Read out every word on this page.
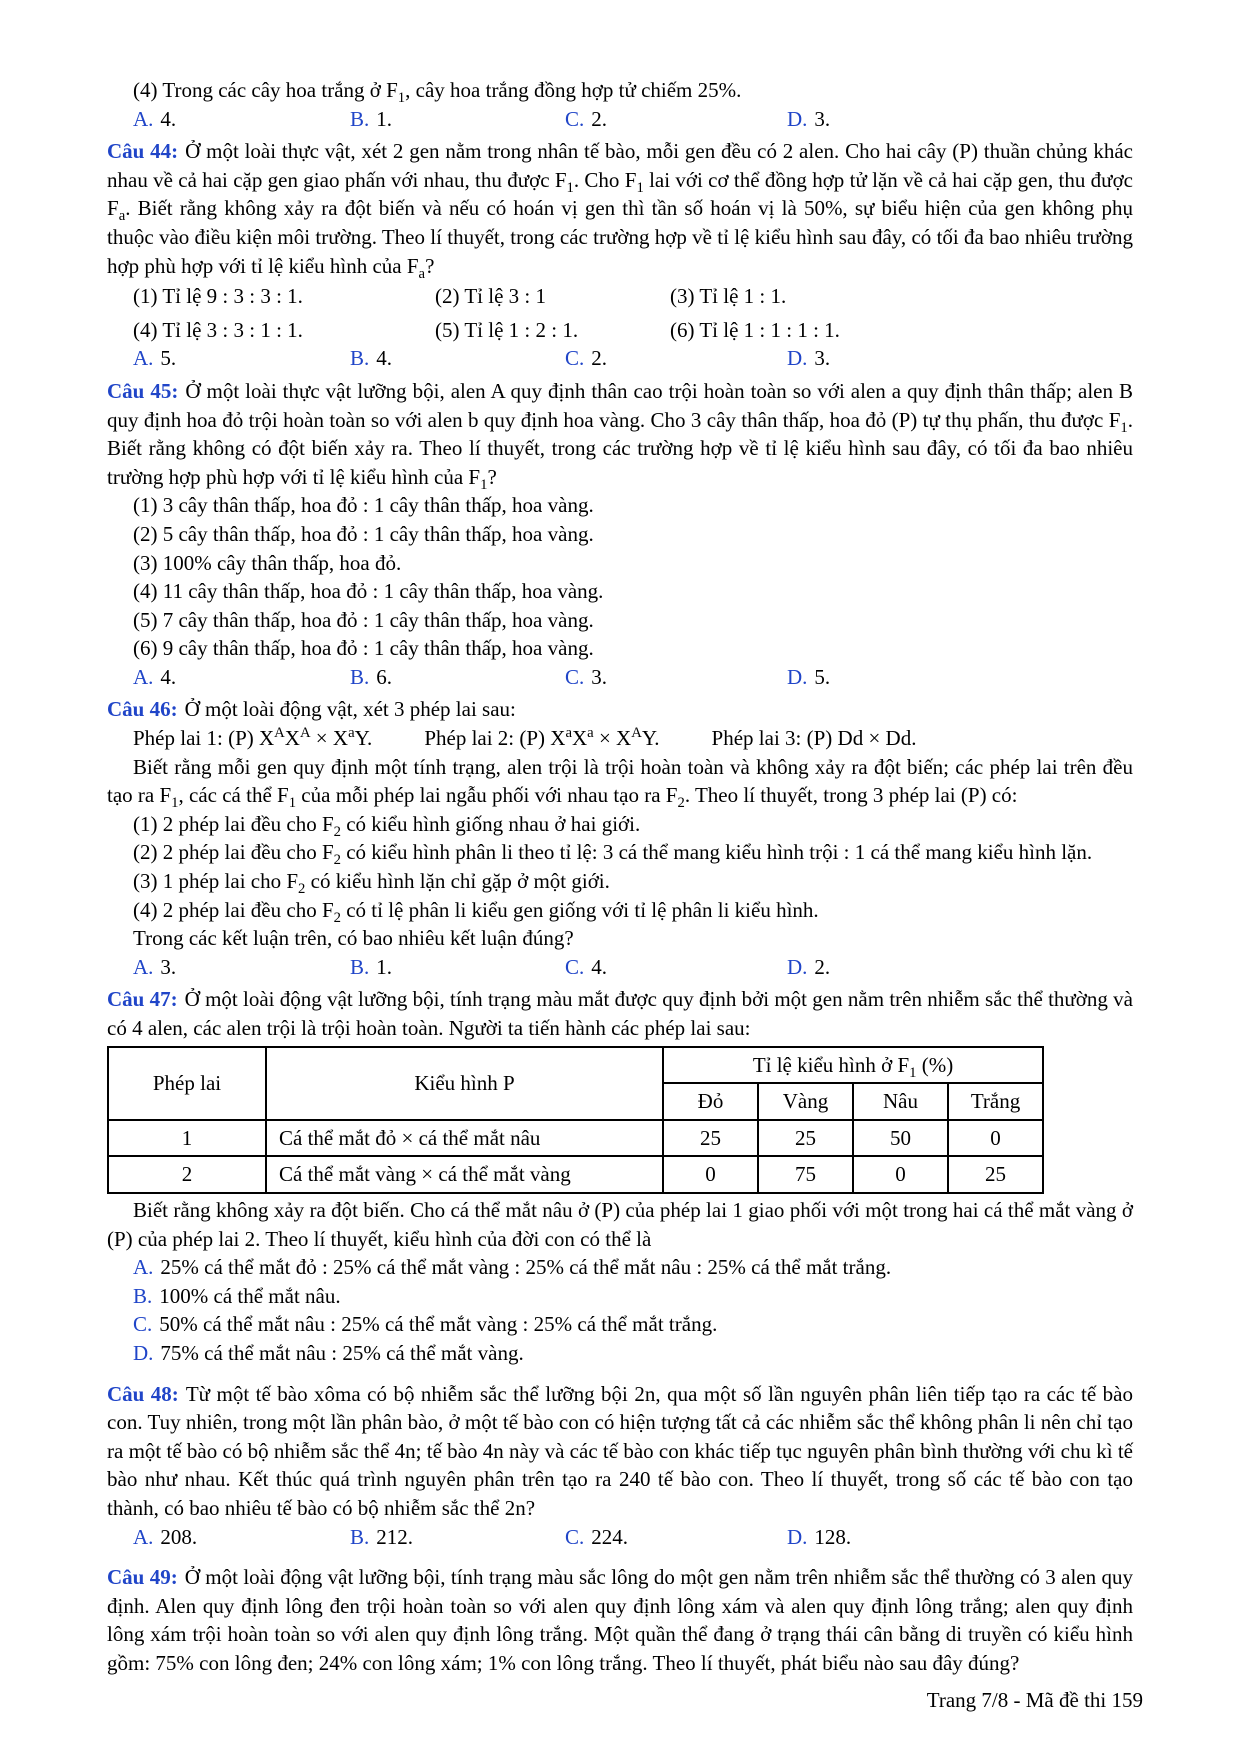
(4) Trong các cây hoa trắng ở $F_1$, cây hoa trắng đồng hợp tử chiếm 25%.

A. 4.	B. 1.	C. 2.	D. 3.

Câu 44: Ở một loài thực vật, xét 2 gen nằm trong nhân tế bào, mỗi gen đều có 2 alen. Cho hai cây (P) thuần chủng khác nhau về cả hai cặp gen giao phấn với nhau, thu được $F_1$. Cho $F_1$ lai với cơ thể đồng hợp tử lặn về cả hai cặp gen, thu được $F_a$. Biết rằng không xảy ra đột biến và nếu có hoán vị gen thì tần số hoán vị là 50%, sự biểu hiện của gen không phụ thuộc vào điều kiện môi trường. Theo lí thuyết, trong các trường hợp về tỉ lệ kiểu hình sau đây, có tối đa bao nhiêu trường hợp phù hợp với tỉ lệ kiểu hình của $F_a$?

(1) Tỉ lệ 9 : 3 : 3 : 1.	(2) Tỉ lệ 3 : 1	(3) Tỉ lệ 1 : 1.
(4) Tỉ lệ 3 : 3 : 1 : 1.	(5) Tỉ lệ 1 : 2 : 1.	(6) Tỉ lệ 1 : 1 : 1 : 1.
A. 5.	B. 4.	C. 2.	D. 3.

Câu 45: Ở một loài thực vật lưỡng bội, alen A quy định thân cao trội hoàn toàn so với alen a quy định thân thấp; alen B quy định hoa đỏ trội hoàn toàn so với alen b quy định hoa vàng. Cho 3 cây thân thấp, hoa đỏ (P) tự thụ phấn, thu được $F_1$. Biết rằng không có đột biến xảy ra. Theo lí thuyết, trong các trường hợp về tỉ lệ kiểu hình sau đây, có tối đa bao nhiêu trường hợp phù hợp với tỉ lệ kiểu hình của $F_1$?

(1) 3 cây thân thấp, hoa đỏ : 1 cây thân thấp, hoa vàng.

(2) 5 cây thân thấp, hoa đỏ : 1 cây thân thấp, hoa vàng.

(3) 100% cây thân thấp, hoa đỏ.

(4) 11 cây thân thấp, hoa đỏ : 1 cây thân thấp, hoa vàng.

(5) 7 cây thân thấp, hoa đỏ : 1 cây thân thấp, hoa vàng.

(6) 9 cây thân thấp, hoa đỏ : 1 cây thân thấp, hoa vàng.

A. 4.	B. 6.	C. 3.	D. 5.

Câu 46: Ở một loài động vật, xét 3 phép lai sau:

Phép lai 1: (P) $X^AX^A \times X^aY$. Phép lai 2: (P) $X^aX^a \times X^AY$. Phép lai 3: (P) Dd × Dd.

Biết rằng mỗi gen quy định một tính trạng, alen trội là trội hoàn toàn và không xảy ra đột biến; các phép lai trên đều tạo ra $F_1$, các cá thể $F_1$ của mỗi phép lai ngẫu phối với nhau tạo ra $F_2$. Theo lí thuyết, trong 3 phép lai (P) có:

(1) 2 phép lai đều cho $F_2$ có kiểu hình giống nhau ở hai giới.

(2) 2 phép lai đều cho $F_2$ có kiểu hình phân li theo tỉ lệ: 3 cá thể mang kiểu hình trội : 1 cá thể mang kiểu hình lặn.

(3) 1 phép lai cho $F_2$ có kiểu hình lặn chỉ gặp ở một giới.

(4) 2 phép lai đều cho $F_2$ có tỉ lệ phân li kiểu gen giống với tỉ lệ phân li kiểu hình.

Trong các kết luận trên, có bao nhiêu kết luận đúng?

A. 3.	B. 1.	C. 4.	D. 2.

Câu 47: Ở một loài động vật lưỡng bội, tính trạng màu mắt được quy định bởi một gen nằm trên nhiễm sắc thể thường và có 4 alen, các alen trội là trội hoàn toàn. Người ta tiến hành các phép lai sau:

Phép lai	Kiểu hình P	Tỉ lệ kiểu hình ở $F_1$ (%)			
		Đỏ	Vàng	Nâu	Trắng
1	Cá thể mắt đỏ × cá thể mắt nâu	25	25	50	0
2	Cá thể mắt vàng × cá thể mắt vàng	0	75	0	25

Biết rằng không xảy ra đột biến. Cho cá thể mắt nâu ở (P) của phép lai 1 giao phối với một trong hai cá thể mắt vàng ở (P) của phép lai 2. Theo lí thuyết, kiểu hình của đời con có thể là

A. 25% cá thể mắt đỏ : 25% cá thể mắt vàng : 25% cá thể mắt nâu : 25% cá thể mắt trắng.

B. 100% cá thể mắt nâu.

C. 50% cá thể mắt nâu : 25% cá thể mắt vàng : 25% cá thể mắt trắng.

D. 75% cá thể mắt nâu : 25% cá thể mắt vàng.

Câu 48: Từ một tế bào xôma có bộ nhiễm sắc thể lưỡng bội 2n, qua một số lần nguyên phân liên tiếp tạo ra các tế bào con. Tuy nhiên, trong một lần phân bào, ở một tế bào con có hiện tượng tất cả các nhiễm sắc thể không phân li nên chỉ tạo ra một tế bào có bộ nhiễm sắc thể 4n; tế bào 4n này và các tế bào con khác tiếp tục nguyên phân bình thường với chu kì tế bào như nhau. Kết thúc quá trình nguyên phân trên tạo ra 240 tế bào con. Theo lí thuyết, trong số các tế bào con tạo thành, có bao nhiêu tế bào có bộ nhiễm sắc thể 2n?

A. 208.	B. 212.	C. 224.	D. 128.

Câu 49: Ở một loài động vật lưỡng bội, tính trạng màu sắc lông do một gen nằm trên nhiễm sắc thể thường có 3 alen quy định. Alen quy định lông đen trội hoàn toàn so với alen quy định lông xám và alen quy định lông trắng; alen quy định lông xám trội hoàn toàn so với alen quy định lông trắng. Một quần thể đang ở trạng thái cân bằng di truyền có kiểu hình gồm: 75% con lông đen; 24% con lông xám; 1% con lông trắng. Theo lí thuyết, phát biểu nào sau đây đúng?

Trang 7/8 - Mã đề thi 159
